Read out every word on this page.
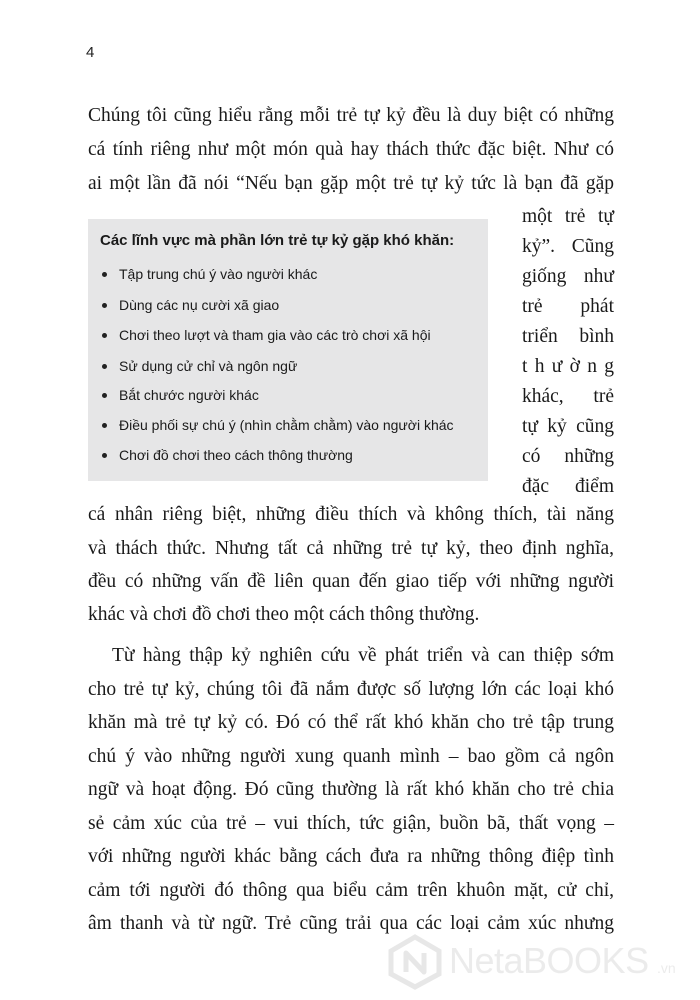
4
Chúng tôi cũng hiểu rằng mỗi trẻ tự kỷ đều là duy biệt có những
cá tính riêng như một món quà hay thách thức đặc biệt. Như có
ai một lần đã nói “Nếu bạn gặp một trẻ tự kỷ tức là bạn đã gặp
một trẻ tự
kỷ”. Cũng
giống như
trẻ phát
triển bình
t h ư ờ n g
khác, trẻ
tự kỷ cũng
có những
đặc điểm
Các lĩnh vực mà phần lớn trẻ tự kỷ gặp khó khăn:
Tập trung chú ý vào người khác
Dùng các nụ cười xã giao
Chơi theo lượt và tham gia vào các trò chơi xã hội
Sử dụng cử chỉ và ngôn ngữ
Bắt chước người khác
Điều phối sự chú ý (nhìn chằm chằm) vào người khác
Chơi đồ chơi theo cách thông thường
cá nhân riêng biệt, những điều thích và không thích, tài năng
và thách thức. Nhưng tất cả những trẻ tự kỷ, theo định nghĩa,
đều có những vấn đề liên quan đến giao tiếp với những người
khác và chơi đồ chơi theo một cách thông thường.
Từ hàng thập kỷ nghiên cứu về phát triển và can thiệp sớm
cho trẻ tự kỷ, chúng tôi đã nắm được số lượng lớn các loại khó
khăn mà trẻ tự kỷ có. Đó có thể rất khó khăn cho trẻ tập trung
chú ý vào những người xung quanh mình – bao gồm cả ngôn
ngữ và hoạt động. Đó cũng thường là rất khó khăn cho trẻ chia
sẻ cảm xúc của trẻ – vui thích, tức giận, buồn bã, thất vọng –
với những người khác bằng cách đưa ra những thông điệp tình
cảm tới người đó thông qua biểu cảm trên khuôn mặt, cử chỉ,
âm thanh và từ ngữ. Trẻ cũng trải qua các loại cảm xúc nhưng
NetaBOOKS .vn
